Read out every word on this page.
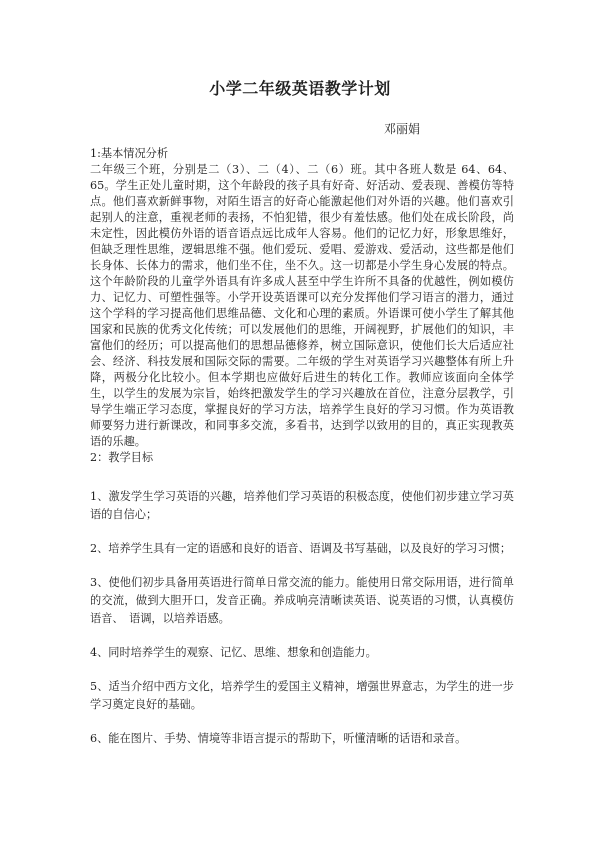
小学二年级英语教学计划
邓丽娟

1:基本情况分析

二年级三个班，分别是二（3）、二（4）、二（6）班。其中各班人数是 64、64、65。学生正处儿童时期，这个年龄段的孩子具有好奇、好活动、爱表现、善模仿等特点。他们喜欢新鲜事物，对陌生语言的好奇心能激起他们对外语的兴趣。他们喜欢引起别人的注意，重视老师的表扬，不怕犯错，很少有羞怯感。他们处在成长阶段，尚未定性，因此模仿外语的语音语点远比成年人容易。他们的记忆力好，形象思维好，但缺乏理性思维，逻辑思维不强。他们爱玩、爱唱、爱游戏、爱活动，这些都是他们长身体、长体力的需求，他们坐不住，坐不久。这一切都是小学生身心发展的特点。这个年龄阶段的儿童学外语具有许多成人甚至中学生许所不具备的优越性，例如模仿力、记忆力、可塑性强等。小学开设英语课可以充分发挥他们学习语言的潜力，通过这个学科的学习提高他们思维品德、文化和心理的素质。外语课可使小学生了解其他国家和民族的优秀文化传统；可以发展他们的思维，开阔视野，扩展他们的知识，丰富他们的经历；可以提高他们的思想品德修养，树立国际意识，使他们长大后适应社会、经济、科技发展和国际交际的需要。二年级的学生对英语学习兴趣整体有所上升降，两极分化比较小。但本学期也应做好后进生的转化工作。教师应该面向全体学生，以学生的发展为宗旨，始终把激发学生的学习兴趣放在首位，注意分层教学，引导学生端正学习态度，掌握良好的学习方法，培养学生良好的学习习惯。作为英语教师要努力进行新课改，和同事多交流，多看书，达到学以致用的目的，真正实现教英语的乐趣。

2：教学目标

1、激发学生学习英语的兴趣，培养他们学习英语的积极态度，使他们初步建立学习英语的自信心；

2、培养学生具有一定的语感和良好的语音、语调及书写基础，以及良好的学习习惯；

3、使他们初步具备用英语进行简单日常交流的能力。能使用日常交际用语，进行简单的交流，做到大胆开口，发音正确。养成响亮清晰读英语、说英语的习惯，认真模仿语音、　语调，以培养语感。

4、同时培养学生的观察、记忆、思维、想象和创造能力。

5、适当介绍中西方文化，培养学生的爱国主义精神，增强世界意志，为学生的进一步学习奠定良好的基础。

6、能在图片、手势、情境等非语言提示的帮助下，听懂清晰的话语和录音。
